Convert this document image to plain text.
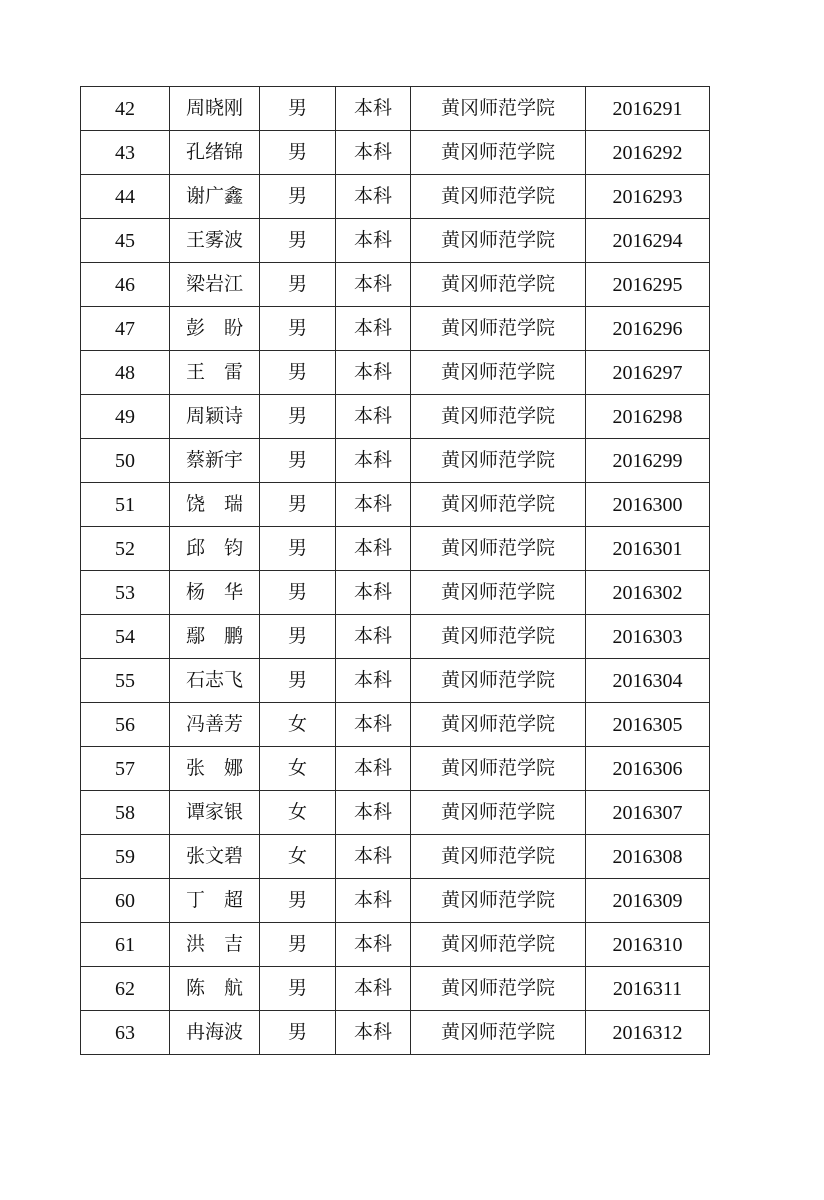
42	周晓刚	男	本科	黄冈师范学院	2016291
43	孔绪锦	男	本科	黄冈师范学院	2016292
44	谢广鑫	男	本科	黄冈师范学院	2016293
45	王雾波	男	本科	黄冈师范学院	2016294
46	梁岩江	男	本科	黄冈师范学院	2016295
47	彭　盼	男	本科	黄冈师范学院	2016296
48	王　雷	男	本科	黄冈师范学院	2016297
49	周颖诗	男	本科	黄冈师范学院	2016298
50	蔡新宇	男	本科	黄冈师范学院	2016299
51	饶　瑞	男	本科	黄冈师范学院	2016300
52	邱　钧	男	本科	黄冈师范学院	2016301
53	杨　华	男	本科	黄冈师范学院	2016302
54	鄢　鹏	男	本科	黄冈师范学院	2016303
55	石志飞	男	本科	黄冈师范学院	2016304
56	冯善芳	女	本科	黄冈师范学院	2016305
57	张　娜	女	本科	黄冈师范学院	2016306
58	谭家银	女	本科	黄冈师范学院	2016307
59	张文碧	女	本科	黄冈师范学院	2016308
60	丁　超	男	本科	黄冈师范学院	2016309
61	洪　吉	男	本科	黄冈师范学院	2016310
62	陈　航	男	本科	黄冈师范学院	2016311
63	冉海波	男	本科	黄冈师范学院	2016312
